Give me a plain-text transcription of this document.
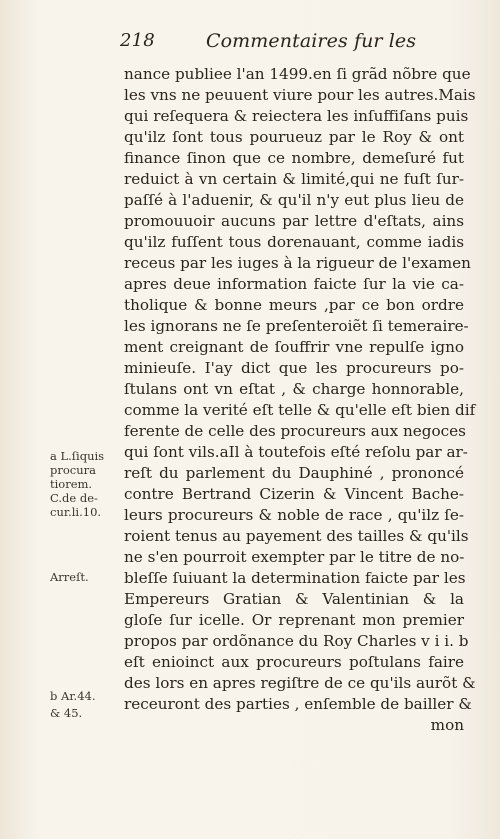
218	Commentaires fur les
nance publiee l'an 1499.en ſi grãd nõbre que
les vns ne peuuent viure pour les autres.Mais
qui reſequera & reiectera les inſuffiſans puis
qu'ilz ſont tous pourueuz par le Roy & ont
finance ſinon que ce nombre, demeſuré fut
reduict à vn certain & limité,qui ne fuſt ſur-
paſſé à l'aduenir, & qu'il n'y eut plus lieu de
promouuoir aucuns par lettre d'eſtats, ains
qu'ilz fuſſent tous dorenauant, comme iadis
receus par les iuges à la rigueur de l'examen
apres deue information faicte ſur la vie ca-
tholique & bonne meurs ,par ce bon ordre
les ignorans ne ſe preſenteroiẽt ſi temeraire-
ment creignant de ſouffrir vne repulſe igno
minieuſe. I'ay dict que les procureurs po-
ſtulans ont vn eſtat , & charge honnorable,
comme la verité eſt telle & qu'elle eſt bien dif
ferente de celle des procureurs aux negoces
qui ſont vils.aIl à toutefois eſté reſolu par ar-
reſt du parlement du Dauphiné , prononcé
contre Bertrand Cizerin & Vincent Bache-
leurs procureurs & noble de race , qu'ilz ſe-
roient tenus au payement des tailles & qu'ils
ne s'en pourroit exempter par le titre de no-
bleſſe ſuiuant la determination faicte par les
Empereurs Gratian & Valentinian & la
gloſe ſur icelle. Or reprenant mon premier
propos par ordõnance du Roy Charles v i i. b
eſt enioinct aux procureurs poſtulans faire
des lors en apres regiſtre de ce qu'ils aurõt &
receuront des parties , enſemble de bailler &
mon
a L.ſiquis
procura
tiorem.
C.de de-
cur.li.10.
Arreſt.
b Ar.44.
& 45.
